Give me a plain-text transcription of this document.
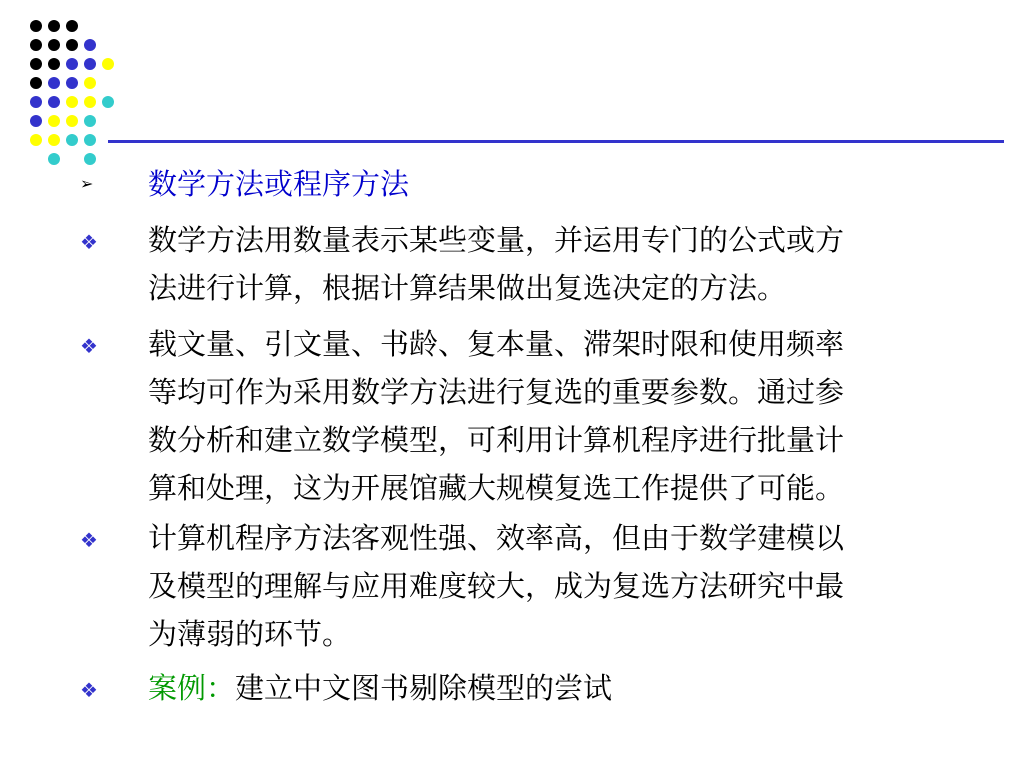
➢ 数学方法或程序方法
❖ 数学方法用数量表示某些变量，并运用专门的公式或方
法进行计算，根据计算结果做出复选决定的方法。
❖ 载文量、引文量、书龄、复本量、滞架时限和使用频率
等均可作为采用数学方法进行复选的重要参数。通过参
数分析和建立数学模型，可利用计算机程序进行批量计
算和处理，这为开展馆藏大规模复选工作提供了可能。
❖ 计算机程序方法客观性强、效率高，但由于数学建模以
及模型的理解与应用难度较大，成为复选方法研究中最
为薄弱的环节。
❖ 案例：建立中文图书剔除模型的尝试
